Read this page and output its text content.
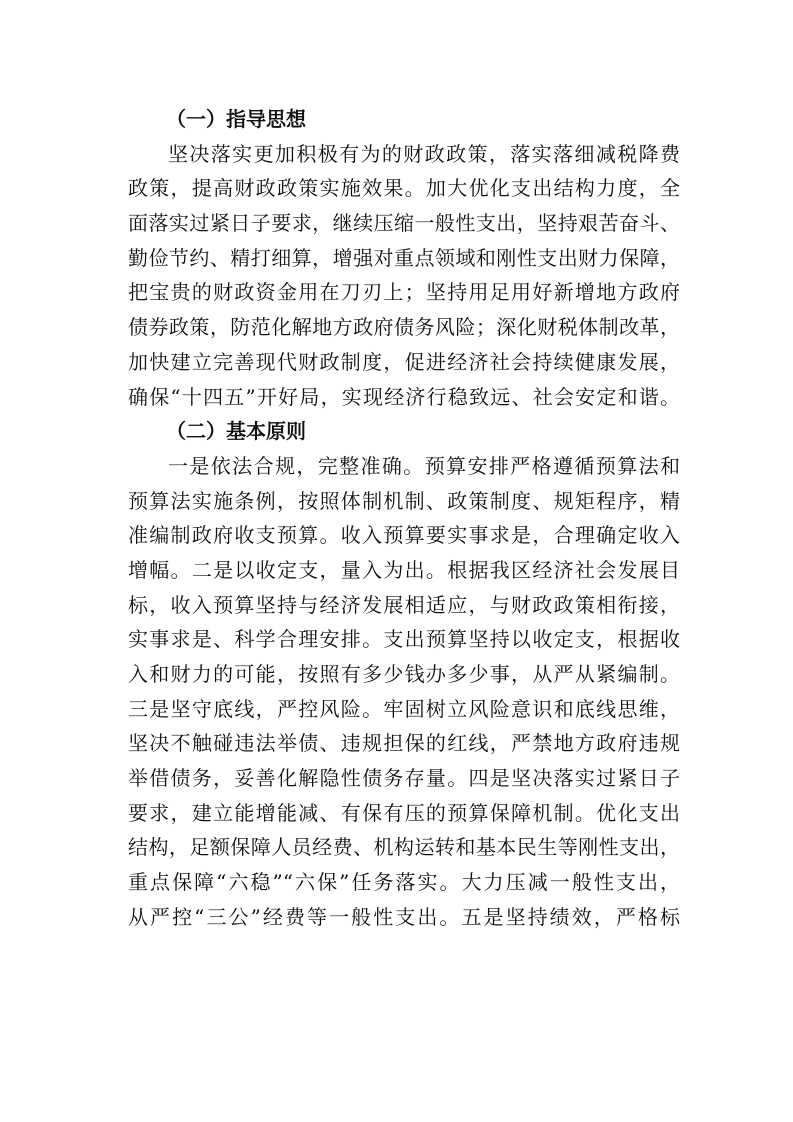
（一）指导思想
坚决落实更加积极有为的财政政策，落实落细减税降费
政策，提高财政政策实施效果。加大优化支出结构力度，全
面落实过紧日子要求，继续压缩一般性支出，坚持艰苦奋斗、
勤俭节约、精打细算，增强对重点领域和刚性支出财力保障，
把宝贵的财政资金用在刀刃上；坚持用足用好新增地方政府
债券政策，防范化解地方政府债务风险；深化财税体制改革，
加快建立完善现代财政制度，促进经济社会持续健康发展，
确保“十四五”开好局，实现经济行稳致远、社会安定和谐。
（二）基本原则
一是依法合规，完整准确。预算安排严格遵循预算法和
预算法实施条例，按照体制机制、政策制度、规矩程序，精
准编制政府收支预算。收入预算要实事求是，合理确定收入
增幅。二是以收定支，量入为出。根据我区经济社会发展目
标，收入预算坚持与经济发展相适应，与财政政策相衔接，
实事求是、科学合理安排。支出预算坚持以收定支，根据收
入和财力的可能，按照有多少钱办多少事，从严从紧编制。
三是坚守底线，严控风险。牢固树立风险意识和底线思维，
坚决不触碰违法举债、违规担保的红线，严禁地方政府违规
举借债务，妥善化解隐性债务存量。四是坚决落实过紧日子
要求，建立能增能减、有保有压的预算保障机制。优化支出
结构，足额保障人员经费、机构运转和基本民生等刚性支出，
重点保障“六稳”“六保”任务落实。大力压减一般性支出，
从严控“三公”经费等一般性支出。五是坚持绩效，严格标
